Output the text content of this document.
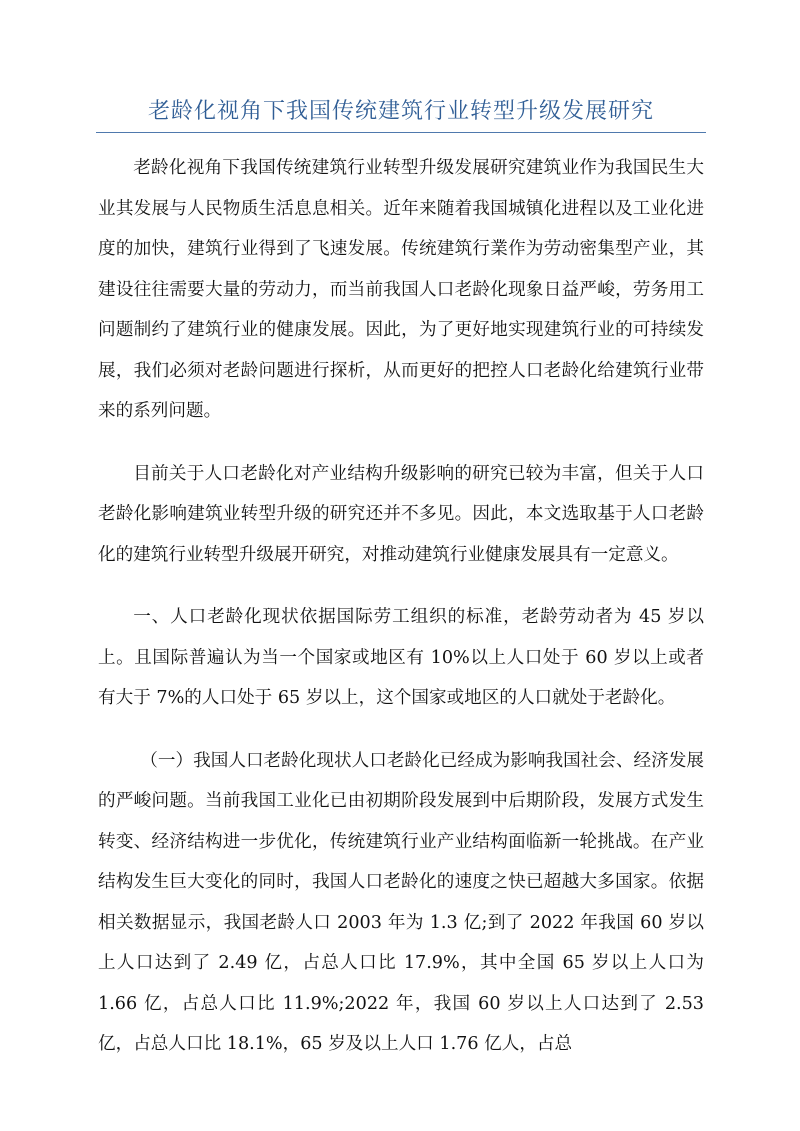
老龄化视角下我国传统建筑行业转型升级发展研究

老龄化视角下我国传统建筑行业转型升级发展研究建筑业作为我国民生大业其发展与人民物质生活息息相关。近年来随着我国城镇化进程以及工业化进度的加快，建筑行业得到了飞速发展。传统建筑行業作为劳动密集型产业，其建设往往需要大量的劳动力，而当前我国人口老龄化现象日益严峻，劳务用工问题制约了建筑行业的健康发展。因此，为了更好地实现建筑行业的可持续发展，我们必须对老龄问题进行探析，从而更好的把控人口老龄化给建筑行业带来的系列问题。

目前关于人口老龄化对产业结构升级影响的研究已较为丰富，但关于人口老龄化影响建筑业转型升级的研究还并不多见。因此，本文选取基于人口老龄化的建筑行业转型升级展开研究，对推动建筑行业健康发展具有一定意义。

一、人口老龄化现状依据国际劳工组织的标准，老龄劳动者为 45 岁以上。且国际普遍认为当一个国家或地区有 10%以上人口处于 60 岁以上或者有大于 7%的人口处于 65 岁以上，这个国家或地区的人口就处于老龄化。

（一）我国人口老龄化现状人口老龄化已经成为影响我国社会、经济发展的严峻问题。当前我国工业化已由初期阶段发展到中后期阶段，发展方式发生转变、经济结构进一步优化，传统建筑行业产业结构面临新一轮挑战。在产业结构发生巨大变化的同时，我国人口老龄化的速度之快已超越大多国家。依据相关数据显示，我国老龄人口 2003 年为 1.3 亿;到了 2022 年我国 60 岁以上人口达到了 2.49 亿，占总人口比 17.9%，其中全国 65 岁以上人口为 1.66 亿，占总人口比 11.9%;2022 年，我国 60 岁以上人口达到了 2.53 亿，占总人口比 18.1%，65 岁及以上人口 1.76 亿人，占总
